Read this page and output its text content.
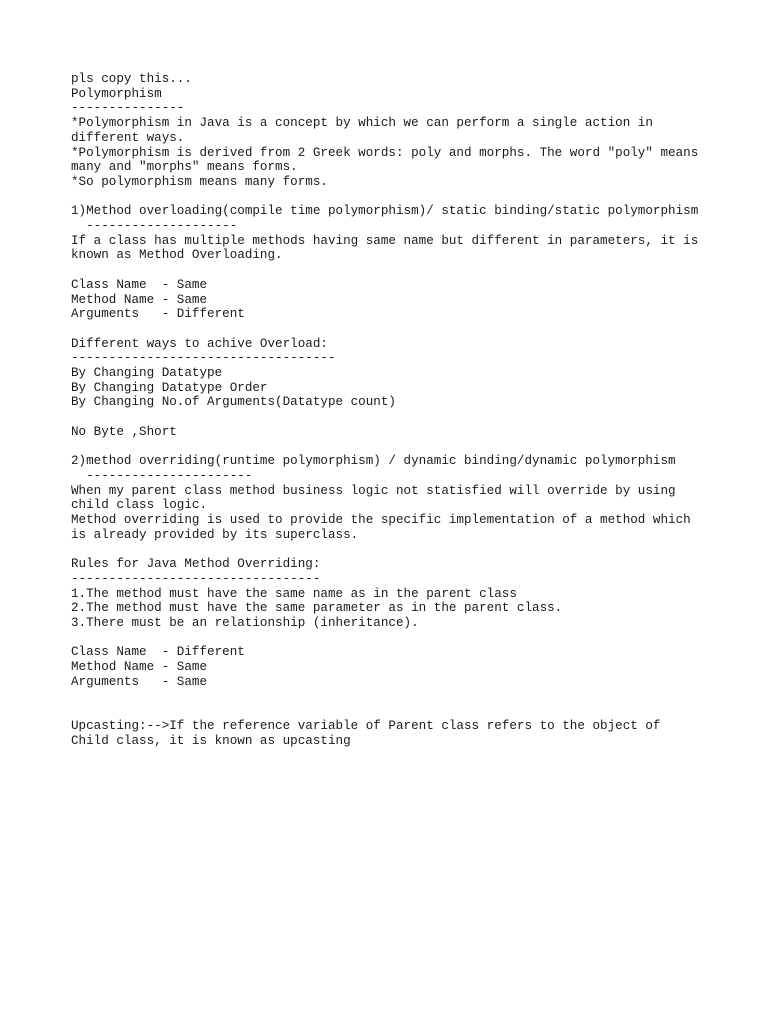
pls copy this...
Polymorphism
---------------
*Polymorphism in Java is a concept by which we can perform a single action in
different ways.
*Polymorphism is derived from 2 Greek words: poly and morphs. The word "poly" means
many and "morphs" means forms.
*So polymorphism means many forms.
1)Method overloading(compile time polymorphism)/ static binding/static polymorphism
--------------------
If a class has multiple methods having same name but different in parameters, it is
known as Method Overloading.
Class Name  - Same
Method Name - Same
Arguments   - Different
Different ways to achive Overload:
-----------------------------------
By Changing Datatype
By Changing Datatype Order
By Changing No.of Arguments(Datatype count)
No Byte ,Short
2)method overriding(runtime polymorphism) / dynamic binding/dynamic polymorphism
----------------------
When my parent class method business logic not statisfied will override by using
child class logic.
Method overriding is used to provide the specific implementation of a method which
is already provided by its superclass.
Rules for Java Method Overriding:
---------------------------------
1.The method must have the same name as in the parent class
2.The method must have the same parameter as in the parent class.
3.There must be an relationship (inheritance).
Class Name  - Different
Method Name - Same
Arguments   - Same
Upcasting:-->If the reference variable of Parent class refers to the object of
Child class, it is known as upcasting
